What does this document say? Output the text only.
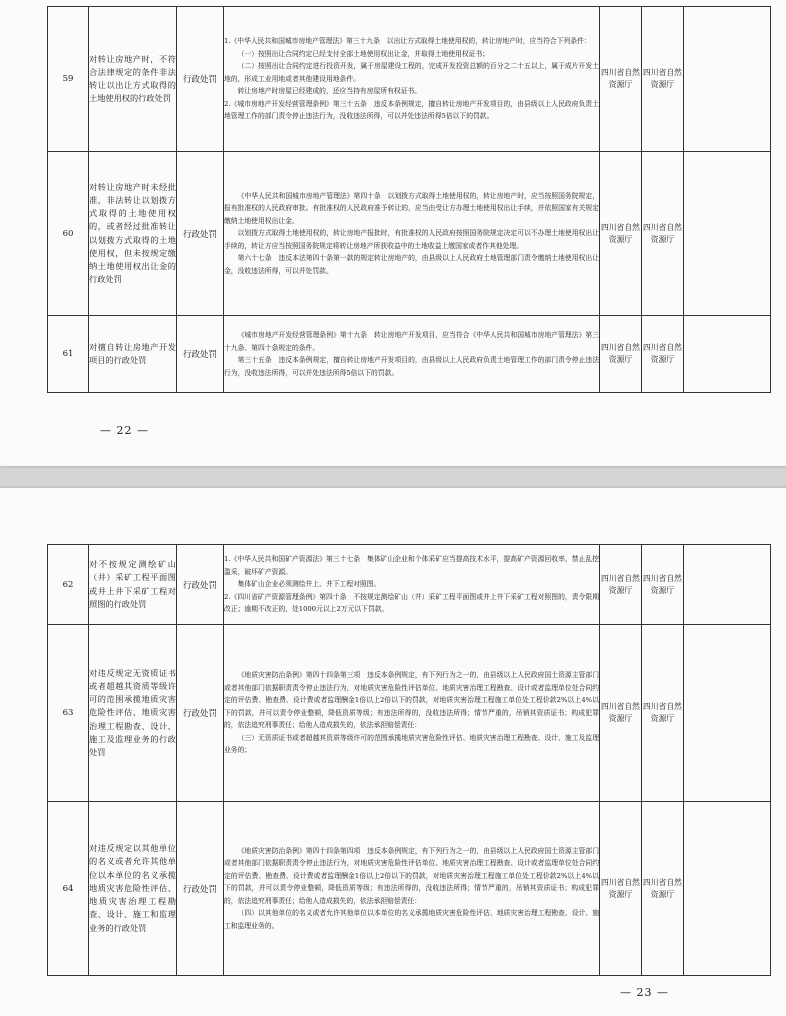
59	对转让房地产时，不符合法律规定的条件非法转让以出让方式取得的土地使用权的行政处罚	行政处罚	1.《中华人民共和国城市房地产管理法》第三十九条　以出让方式取得土地使用权的，转让房地产时，应当符合下列条件：

（一）按照出让合同约定已经支付全部土地使用权出让金，并取得土地使用权证书；

（二）按照出让合同约定进行投资开发，属于房屋建设工程的，完成开发投资总额的百分之二十五以上，属于成片开发土地的，形成工业用地或者其他建设用地条件。

转让房地产时房屋已经建成的，还应当持有房屋所有权证书。

2.《城市房地产开发经营管理条例》第三十五条　违反本条例规定，擅自转让房地产开发项目的，由县级以上人民政府负责土地管理工作的部门责令停止违法行为，没收违法所得，可以并处违法所得5倍以下的罚款。	四川省自然资源厅	四川省自然资源厅	
60	对转让房地产时未经批准，非法转让以划拨方式取得的土地使用权的，或者经过批准转让以划拨方式取得的土地使用权，但未按规定缴纳土地使用权出让金的行政处罚	行政处罚	《中华人民共和国城市房地产管理法》第四十条　以划拨方式取得土地使用权的，转让房地产时，应当按照国务院规定，报有批准权的人民政府审批。有批准权的人民政府准予转让的，应当由受让方办理土地使用权出让手续，并依照国家有关规定缴纳土地使用权出让金。

以划拨方式取得土地使用权的，转让房地产报批时，有批准权的人民政府按照国务院规定决定可以不办理土地使用权出让手续的，转让方应当按照国务院规定将转让房地产所获收益中的土地收益上缴国家或者作其他处理。

第六十七条　违反本法第四十条第一款的规定转让房地产的，由县级以上人民政府土地管理部门责令缴纳土地使用权出让金，没收违法所得，可以并处罚款。	四川省自然资源厅	四川省自然资源厅	
61	对擅自转让房地产开发项目的行政处罚	行政处罚	《城市房地产开发经营管理条例》第十九条　转让房地产开发项目，应当符合《中华人民共和国城市房地产管理法》第三十九条、第四十条规定的条件。

第三十五条　违反本条例规定，擅自转让房地产开发项目的，由县级以上人民政府负责土地管理工作的部门责令停止违法行为，没收违法所得，可以并处违法所得5倍以下的罚款。	四川省自然资源厅	四川省自然资源厅	
— 22 —
62	对不按规定测绘矿山（井）采矿工程平面图或井上井下采矿工程对照图的行政处罚	行政处罚	1.《中华人民共和国矿产资源法》第三十七条　集体矿山企业和个体采矿应当提高技术水平，提高矿产资源回收率，禁止乱挖滥采，破坏矿产资源。

集体矿山企业必须测绘井上、井下工程对照图。

2.《四川省矿产资源管理条例》第四十条　不按规定测绘矿山（井）采矿工程平面图或井上井下采矿工程对照图的，责令限期改正；逾期不改正的，处1000元以上2万元以下罚款。	四川省自然资源厅	四川省自然资源厅	
63	对违反规定无资质证书或者超越其资质等级许可的范围承揽地质灾害危险性评估、地质灾害治理工程勘查、设计、施工及监理业务的行政处罚	行政处罚	《地质灾害防治条例》第四十四条第三项　违反本条例规定，有下列行为之一的，由县级以上人民政府国土资源主管部门或者其他部门依据职责责令停止违法行为，对地质灾害危险性评估单位、地质灾害治理工程勘查、设计或者监理单位处合同约定的评估费、勘查费、设计费或者监理酬金1倍以上2倍以下的罚款，对地质灾害治理工程施工单位处工程价款2%以上4%以下的罚款，并可以责令停业整顿，降低资质等级；有违法所得的，没收违法所得；情节严重的，吊销其资质证书；构成犯罪的，依法追究刑事责任；给他人造成损失的，依法承担赔偿责任：

（三）无资质证书或者超越其资质等级许可的范围承揽地质灾害危险性评估、地质灾害治理工程勘查、设计、施工及监理业务的；	四川省自然资源厅	四川省自然资源厅	
64	对违反规定以其他单位的名义或者允许其他单位以本单位的名义承揽地质灾害危险性评估、地质灾害治理工程勘查、设计、施工和监理业务的行政处罚	行政处罚	《地质灾害防治条例》第四十四条第四项　违反本条例规定，有下列行为之一的，由县级以上人民政府国土资源主管部门或者其他部门依据职责责令停止违法行为，对地质灾害危险性评估单位、地质灾害治理工程勘查、设计或者监理单位处合同约定的评估费、勘查费、设计费或者监理酬金1倍以上2倍以下的罚款，对地质灾害治理工程施工单位处工程价款2%以上4%以下的罚款，并可以责令停业整顿，降低资质等级；有违法所得的，没收违法所得；情节严重的，吊销其资质证书；构成犯罪的，依法追究刑事责任；给他人造成损失的，依法承担赔偿责任：

（四）以其他单位的名义或者允许其他单位以本单位的名义承揽地质灾害危险性评估、地质灾害治理工程勘查、设计、施工和监理业务的。	四川省自然资源厅	四川省自然资源厅	
— 23 —
